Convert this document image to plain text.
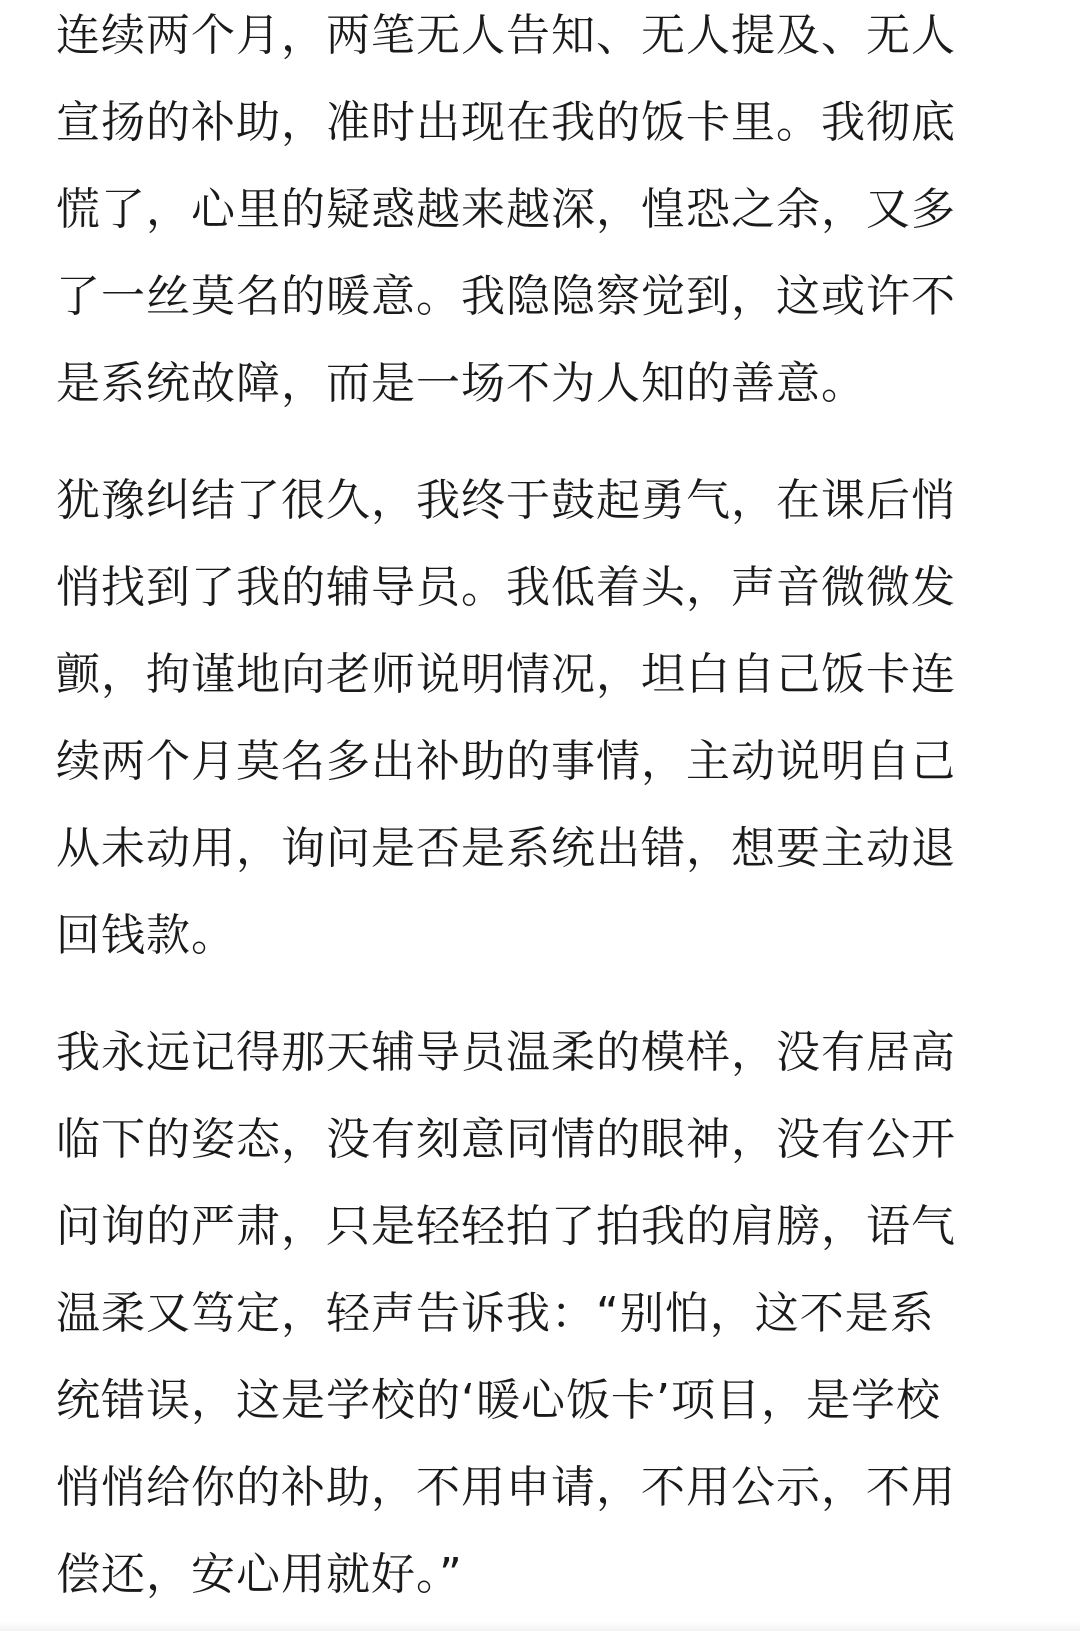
连续两个月，两笔无人告知、无人提及、无人
宣扬的补助，准时出现在我的饭卡里。我彻底
慌了，心里的疑惑越来越深，惶恐之余，又多
了一丝莫名的暖意。我隐隐察觉到，这或许不
是系统故障，而是一场不为人知的善意。

犹豫纠结了很久，我终于鼓起勇气，在课后悄
悄找到了我的辅导员。我低着头，声音微微发
颤，拘谨地向老师说明情况，坦白自己饭卡连
续两个月莫名多出补助的事情，主动说明自己
从未动用，询问是否是系统出错，想要主动退
回钱款。

我永远记得那天辅导员温柔的模样，没有居高
临下的姿态，没有刻意同情的眼神，没有公开
问询的严肃，只是轻轻拍了拍我的肩膀，语气
温柔又笃定，轻声告诉我：“别怕，这不是系
统错误，这是学校的‘暖心饭卡’项目，是学校
悄悄给你的补助，不用申请，不用公示，不用
偿还，安心用就好。”
